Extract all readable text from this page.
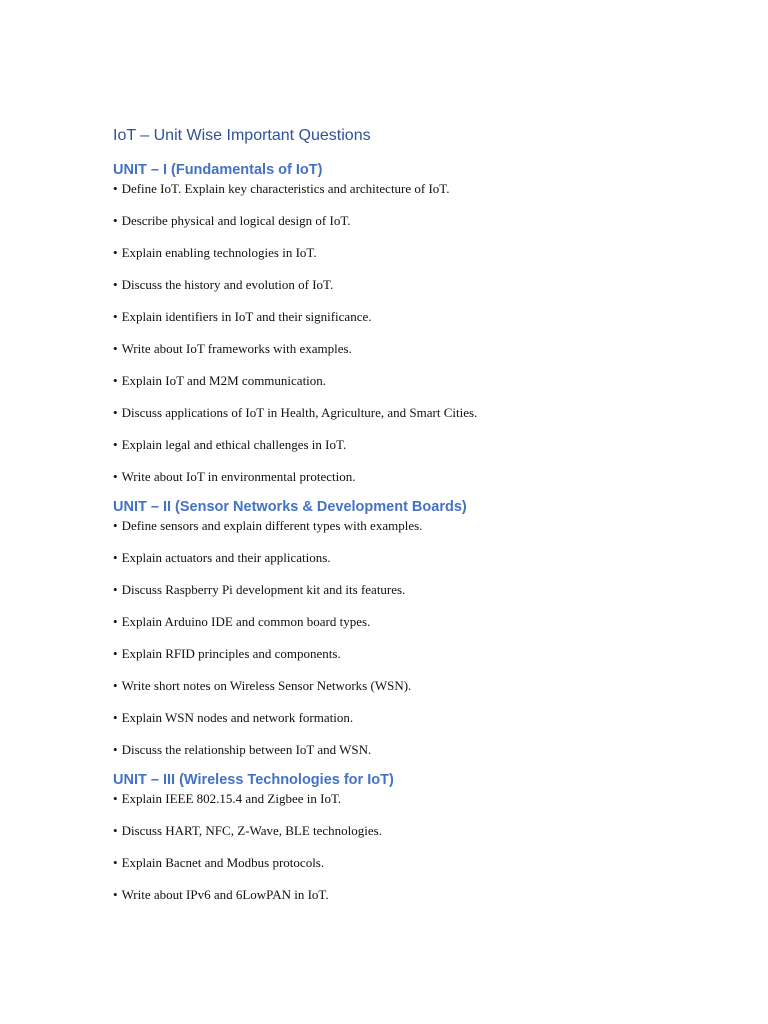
IoT – Unit Wise Important Questions
UNIT – I (Fundamentals of IoT)
• Define IoT. Explain key characteristics and architecture of IoT.
• Describe physical and logical design of IoT.
• Explain enabling technologies in IoT.
• Discuss the history and evolution of IoT.
• Explain identifiers in IoT and their significance.
• Write about IoT frameworks with examples.
• Explain IoT and M2M communication.
• Discuss applications of IoT in Health, Agriculture, and Smart Cities.
• Explain legal and ethical challenges in IoT.
• Write about IoT in environmental protection.
UNIT – II (Sensor Networks & Development Boards)
• Define sensors and explain different types with examples.
• Explain actuators and their applications.
• Discuss Raspberry Pi development kit and its features.
• Explain Arduino IDE and common board types.
• Explain RFID principles and components.
• Write short notes on Wireless Sensor Networks (WSN).
• Explain WSN nodes and network formation.
• Discuss the relationship between IoT and WSN.
UNIT – III (Wireless Technologies for IoT)
• Explain IEEE 802.15.4 and Zigbee in IoT.
• Discuss HART, NFC, Z-Wave, BLE technologies.
• Explain Bacnet and Modbus protocols.
• Write about IPv6 and 6LowPAN in IoT.
